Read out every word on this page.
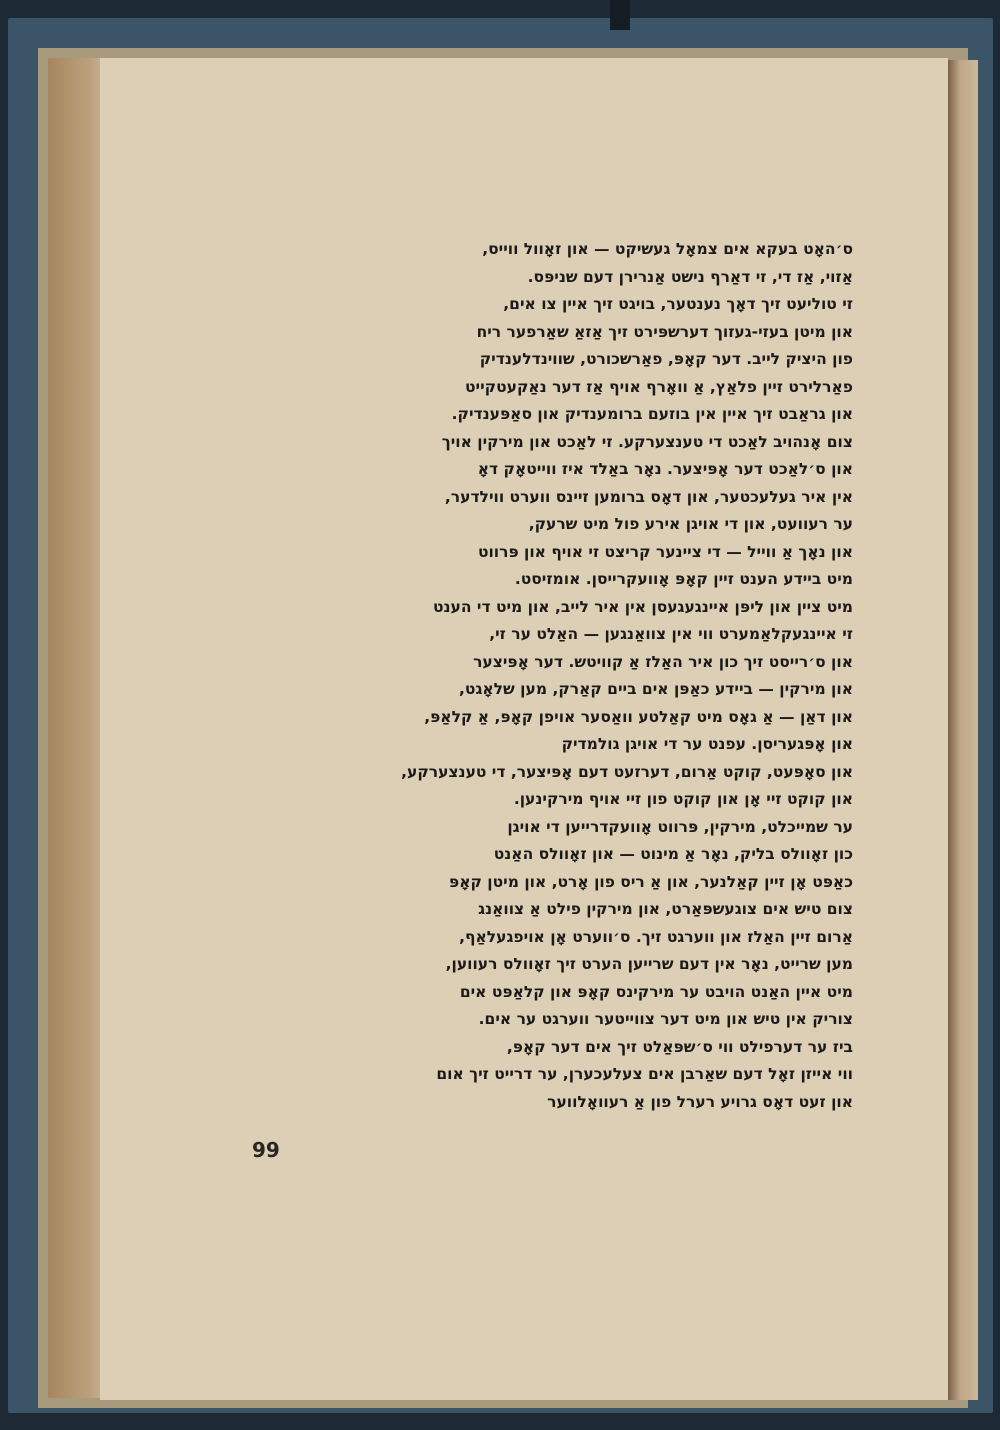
ס׳האָט בעקא אים צמאָל געשיקט — און זאָוול ווייס,
אַזוי, אַז די, זי דאַרף נישט אַנרירן דעם שניפּס.
זי טוליעט זיך דאָך נענטער, בויגט זיך איין צו אים,
און מיטן בעזי-געזוך דערשפּירט זיך אַזאַ שאַרפער ריח
פון היציק לייב. דער קאָפּ, פאַרשכורט, שווינדלענדיק
פאַרלירט זיין פלאַץ, אַ וואָרף אויף אַז דער נאַקעטקייט
און גראַבט זיך איין אין בוזעם ברומענדיק און סאַפּענדיק.
צום אָנהויב לאַכט די טענצערקע. זי לאַכט און מירקין אויך
און ס׳לאַכט דער אָפּיצער. נאָר באַלד איז ווייטאָק דאָ
אין איר געלעכטער, און דאָס ברומען זיינס ווערט ווילדער,
ער רעוועט, און די אויגן אירע פול מיט שרעק,
און נאָך אַ ווייל — די ציינער קריצט זי אויף און פּרווט
מיט ביידע הענט זיין קאָפּ אָוועקרייסן. אומזיסט.
מיט ציין און ליפּן איינגעגעסן אין איר לייב, און מיט די הענט
זי איינגעקלאַמערט ווי אין צוואַנגען — האַלט ער זי,
און ס׳רייסט זיך כון איר האַלז אַ קוויטש. דער אָפּיצער
און מירקין — ביידע כאַפּן אים ביים קאַרק, מען שלאָגט,
און דאַן — אַ גאָס מיט קאַלטע וואַסער אויפן קאָפּ, אַ קלאַפּ,
און אָפּגעריסן. עפנט ער די אויגן גולמדיק
און סאָפּעט, קוקט אַרום, דערזעט דעם אָפּיצער, די טענצערקע,
און קוקט זיי אָן און קוקט פון זיי אויף מירקינען.
ער שמייכלט, מירקין, פּרווט אָוועקדרייען די אויגן
כון זאָוולס בליק, נאָר אַ מינוט — און זאָוולס האַנט
כאַפּט אָן זיין קאַלנער, און אַ ריס פון אָרט, און מיטן קאָפּ
צום טיש אים צוגעשפּאַרט, און מירקין פילט אַ צוואַנג
אַרום זיין האַלז און ווערגט זיך. ס׳ווערט אָן אויפגעלאַף,
מען שרייט, נאָר אין דעם שרייען הערט זיך זאָוולס רעווען,
מיט איין האַנט הויבט ער מירקינס קאָפּ און קלאַפּט אים
צוריק אין טיש און מיט דער צווייטער ווערגט ער אים.
ביז ער דערפילט ווי ס׳שפּאַלט זיך אים דער קאָפּ,
ווי אייזן זאָל דעם שאַרבן אים צעלעכערן, ער דרייט זיך אום
און זעט דאָס גרויע רערל פון אַ רעוואָלווער
99
